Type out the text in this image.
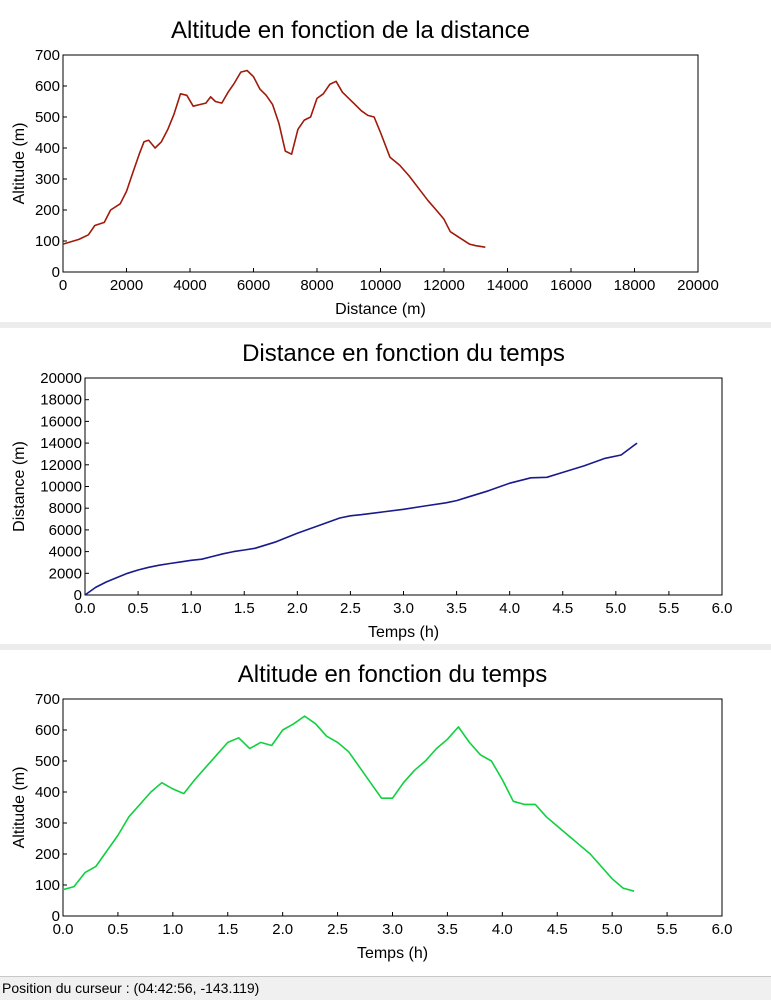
Altitude en fonction de la distance
0	2000 4000 6000 8000 10000 12000 14000 16000 18000 20000
0
100
200
300
400
500
600
700
Distance (m)
Altitude (m)
Distance en fonction du temps
0.0 0.5 1.0 1.5 2.0 2.5 3.0 3.5 4.0 4.5 5.0 5.5 6.0
0
2000
4000
6000
8000
10000
12000
14000
16000
18000
20000
Temps (h)
Distance (m)
Altitude en fonction du temps
0.0 0.5 1.0 1.5 2.0 2.5 3.0 3.5 4.0 4.5 5.0 5.5 6.0
0
100
200
300
400
500
600
700
Temps (h)
Altitude (m)
Position du curseur : (04:42:56, -143.119)
